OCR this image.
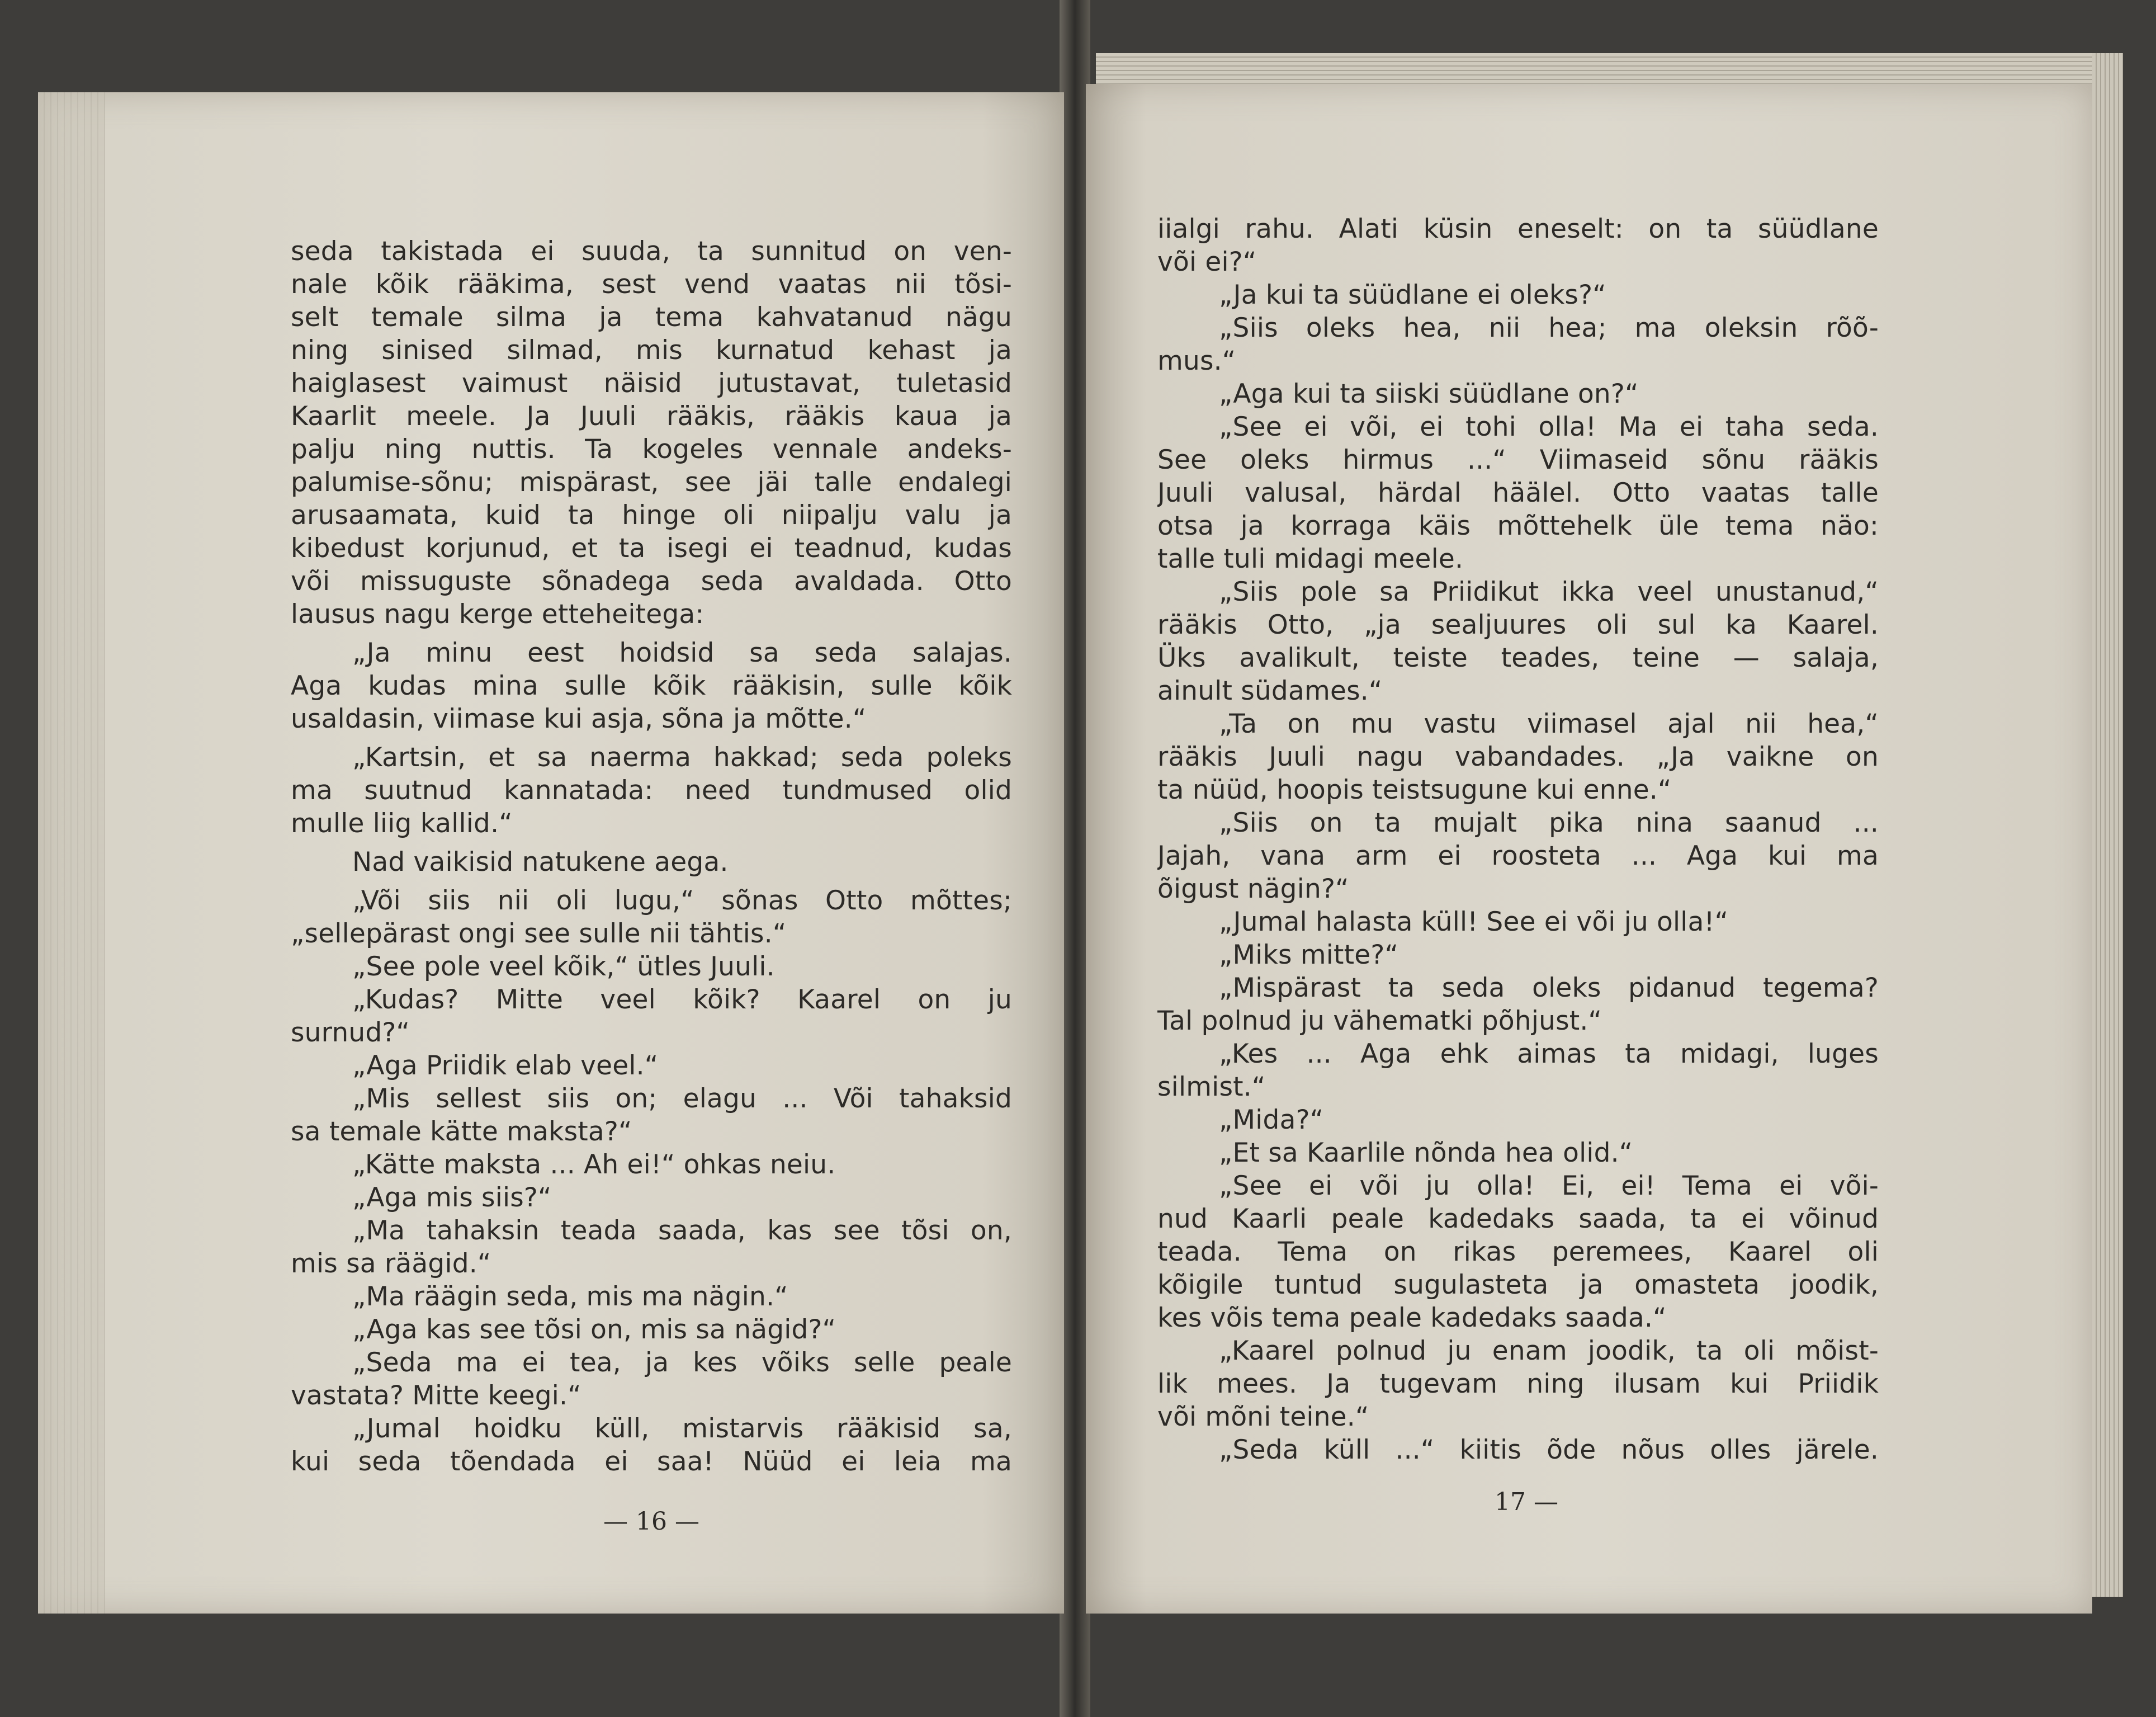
seda takistada ei suuda, ta sunnitud on ven-
nale kõik rääkima, sest vend vaatas nii tõsi-
selt temale silma ja tema kahvatanud nägu
ning sinised silmad, mis kurnatud kehast ja
haiglasest vaimust näisid jutustavat, tuletasid
Kaarlit meele. Ja Juuli rääkis, rääkis kaua ja
palju ning nuttis. Ta kogeles vennale andeks-
palumise-sõnu; mispärast, see jäi talle endalegi
arusaamata, kuid ta hinge oli niipalju valu ja
kibedust korjunud, et ta isegi ei teadnud, kudas
või missuguste sõnadega seda avaldada. Otto
lausus nagu kerge etteheitega:
„Ja minu eest hoidsid sa seda salajas.
Aga kudas mina sulle kõik rääkisin, sulle kõik
usaldasin, viimase kui asja, sõna ja mõtte.“
„Kartsin, et sa naerma hakkad; seda poleks
ma suutnud kannatada: need tundmused olid
mulle liig kallid.“
Nad vaikisid natukene aega.
„Või siis nii oli lugu,“ sõnas Otto mõttes;
„sellepärast ongi see sulle nii tähtis.“
„See pole veel kõik,“ ütles Juuli.
„Kudas? Mitte veel kõik? Kaarel on ju
surnud?“
„Aga Priidik elab veel.“
„Mis sellest siis on; elagu ... Või tahaksid
sa temale kätte maksta?“
„Kätte maksta ... Ah ei!“ ohkas neiu.
„Aga mis siis?“
„Ma tahaksin teada saada, kas see tõsi on,
mis sa räägid.“
„Ma räägin seda, mis ma nägin.“
„Aga kas see tõsi on, mis sa nägid?“
„Seda ma ei tea, ja kes võiks selle peale
vastata? Mitte keegi.“
„Jumal hoidku küll, mistarvis rääkisid sa,
kui seda tõendada ei saa! Nüüd ei leia ma
— 16 —
iialgi rahu. Alati küsin eneselt: on ta süüdlane
või ei?“
„Ja kui ta süüdlane ei oleks?“
„Siis oleks hea, nii hea; ma oleksin rõõ-
mus.“
„Aga kui ta siiski süüdlane on?“
„See ei või, ei tohi olla! Ma ei taha seda.
See oleks hirmus ...“ Viimaseid sõnu rääkis
Juuli valusal, härdal häälel. Otto vaatas talle
otsa ja korraga käis mõttehelk üle tema näo:
talle tuli midagi meele.
„Siis pole sa Priidikut ikka veel unustanud,“
rääkis Otto, „ja sealjuures oli sul ka Kaarel.
Üks avalikult, teiste teades, teine — salaja,
ainult südames.“
„Ta on mu vastu viimasel ajal nii hea,“
rääkis Juuli nagu vabandades. „Ja vaikne on
ta nüüd, hoopis teistsugune kui enne.“
„Siis on ta mujalt pika nina saanud ...
Jajah, vana arm ei roostetа ... Aga kui ma
õigust nägin?“
„Jumal halasta küll! See ei või ju olla!“
„Miks mitte?“
„Mispärast ta seda oleks pidanud tegema?
Tal polnud ju vähematki põhjust.“
„Kes ... Aga ehk aimas ta midagi, luges
silmist.“
„Mida?“
„Et sa Kaarlile nõnda hea olid.“
„See ei või ju olla! Ei, ei! Tema ei või-
nud Kaarli peale kadedaks saada, ta ei võinud
teada. Tema on rikas peremees, Kaarel oli
kõigile tuntud sugulasteta ja omasteta joodik,
kes võis tema peale kadedaks saada.“
„Kaarel polnud ju enam joodik, ta oli mõist-
lik mees. Ja tugevam ning ilusam kui Priidik
või mõni teine.“
„Seda küll ...“ kiitis õde nõus olles järele.
17 —
